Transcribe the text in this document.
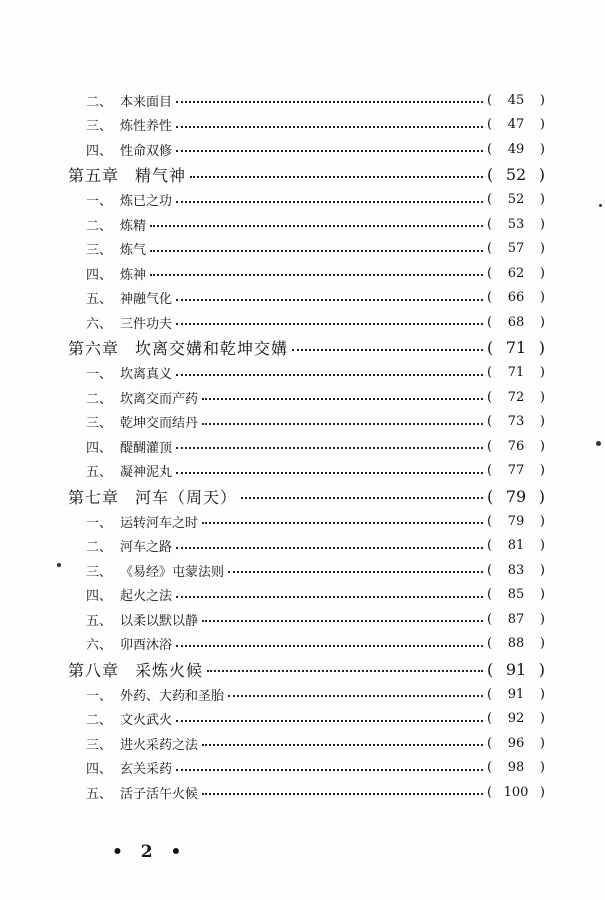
二、 本来面目	(	45	)
三、 炼性养性	(	47	)
四、 性命双修	(	49	)
第五章 精气神	( 52 )
一、 炼已之功	(	52	)
二、 炼精	(	53	)
三、 炼气	(	57	)
四、 炼神	(	62	)
五、 神融气化	(	66	)
六、 三件功夫	(	68	)
第六章 坎离交媾和乾坤交媾	( 71 )
一、 坎离真义	(	71	)
二、 坎离交而产药	(	72	)
三、 乾坤交而结丹	(	73	)
四、 醍醐灌顶	(	76	)
五、 凝神泥丸	(	77	)
第七章 河车（周天）	( 79 )
一、 运转河车之时	(	79	)
二、 河车之路	(	81	)
三、 《易经》屯蒙法则	(	83	)
四、 起火之法	(	85	)
五、 以柔以默以静	(	87	)
六、 卯酉沐浴	(	88	)
第八章 采炼火候	( 91 )
一、 外药、大药和圣胎	(	91	)
二、 文火武火	(	92	)
三、 进火采药之法	(	96	)
四、 玄关采药	(	98	)
五、 活子活午火候	( 100 )
• 2 •
